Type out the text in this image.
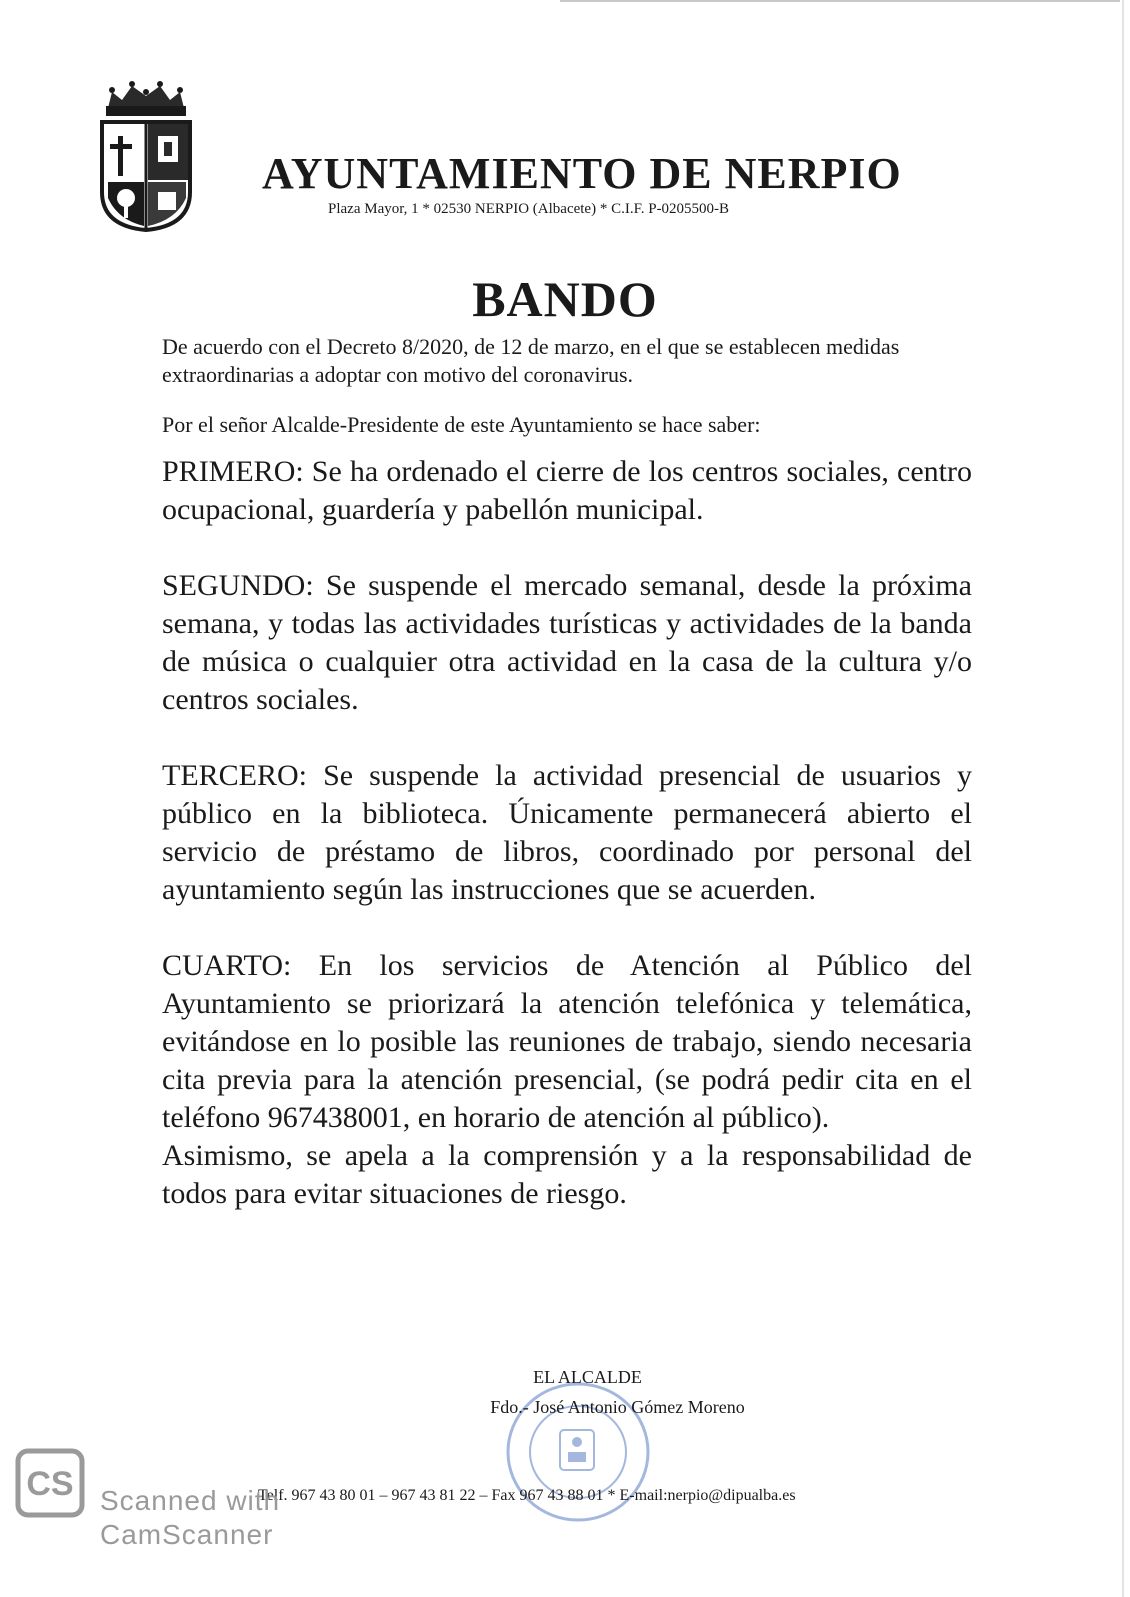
AYUNTAMIENTO DE NERPIO
Plaza Mayor, 1 * 02530 NERPIO (Albacete) * C.I.F. P-0205500-B
BANDO

De acuerdo con el Decreto 8/2020, de 12 de marzo, en el que se establecen medidas extraordinarias a adoptar con motivo del coronavirus.

Por el señor Alcalde-Presidente de este Ayuntamiento se hace saber:

PRIMERO: Se ha ordenado el cierre de los centros sociales, centro ocupacional, guardería y pabellón municipal.

SEGUNDO: Se suspende el mercado semanal, desde la próxima semana, y todas las actividades turísticas y actividades de la banda de música o cualquier otra actividad en la casa de la cultura y/o centros sociales.

TERCERO: Se suspende la actividad presencial de usuarios y público en la biblioteca. Únicamente permanecerá abierto el servicio de préstamo de libros, coordinado por personal del ayuntamiento según las instrucciones que se acuerden.

CUARTO: En los servicios de Atención al Público del Ayuntamiento se priorizará la atención telefónica y telemática, evitándose en lo posible las reuniones de trabajo, siendo necesaria cita previa para la atención presencial, (se podrá pedir cita en el teléfono 967438001, en horario de atención al público).

Asimismo, se apela a la comprensión y a la responsabilidad de todos para evitar situaciones de riesgo.

EL ALCALDE
Fdo.- José Antonio Gómez Moreno
Telf. 967 43 80 01 – 967 43 81 22 – Fax 967 43 88 01 * E-mail:nerpio@dipualba.es
CS Scanned with
CamScanner
